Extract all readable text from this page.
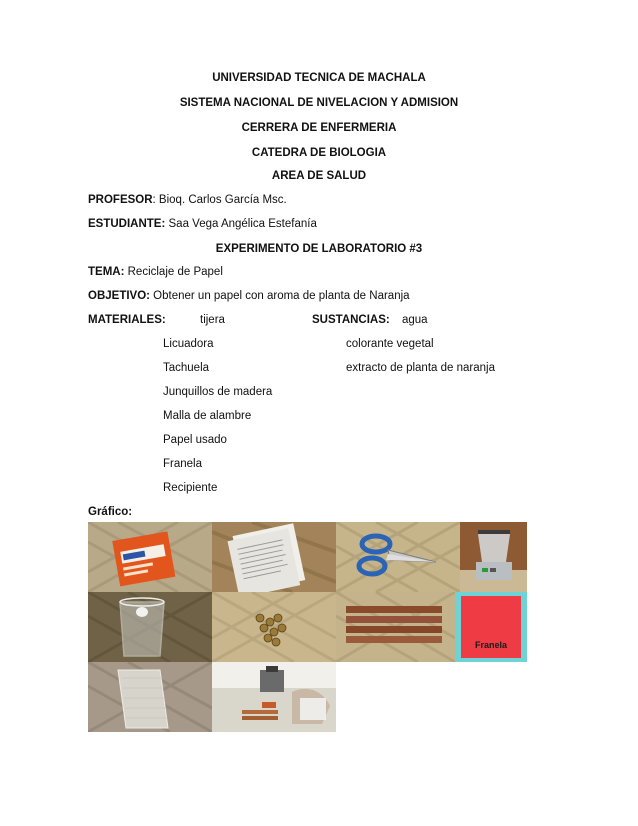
UNIVERSIDAD TECNICA DE MACHALA
SISTEMA NACIONAL DE NIVELACION Y ADMISION
CERRERA DE ENFERMERIA
CATEDRA DE BIOLOGIA
AREA DE SALUD
PROFESOR: Bioq. Carlos García Msc.
ESTUDIANTE: Saa Vega Angélica Estefanía
EXPERIMENTO DE LABORATORIO #3
TEMA: Reciclaje de Papel
OBJETIVO: Obtener un papel con aroma de planta de Naranja
MATERIALES:	tijera	SUSTANCIAS: agua
Licuadora	colorante vegetal
Tachuela	extracto de planta de naranja
Junquillos de madera
Malla de alambre
Papel usado
Franela
Recipiente
Gráfico:
Franela
